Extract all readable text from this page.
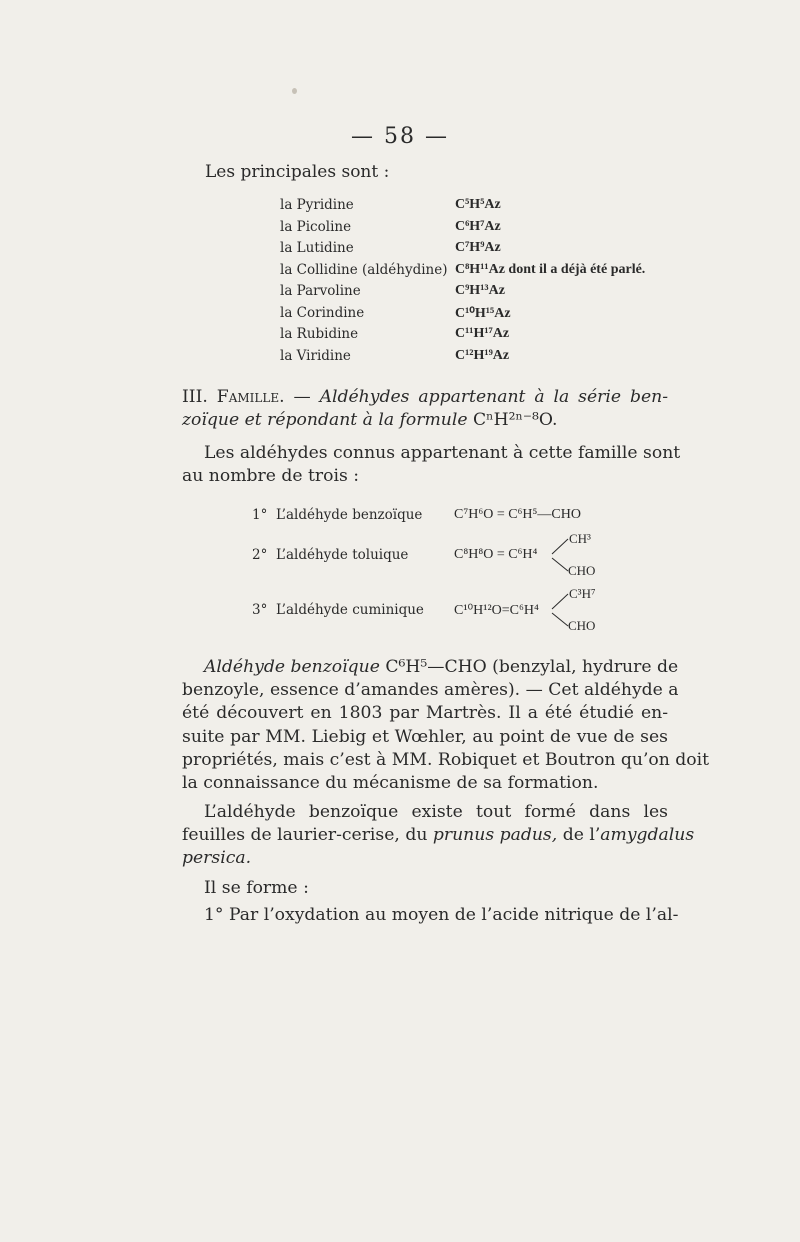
— 58 —
Les principales sont :
la Pyridine	C⁵H⁵Az
la Picoline	C⁶H⁷Az
la Lutidine	C⁷H⁹Az
la Collidine (aldéhydine) C⁸H¹¹Az dont il a déjà été parlé.
la Parvoline	C⁹H¹³Az
la Corindine	C¹⁰H¹⁵Az
la Rubidine	C¹¹H¹⁷Az
la Viridine	C¹²H¹⁹Az
III. Famille. — Aldéhydes appartenant à la série ben-
zoïque et répondant à la formule CⁿH²ⁿ⁻⁸O.
Les aldéhydes connus appartenant à cette famille sont
au nombre de trois :
1° L’aldéhyde benzoïque C⁷H⁶O = C⁶H⁵—CHO
2° L’aldéhyde toluique	C⁸H⁸O = C⁶H⁴
CH³
CHO
3° L’aldéhyde cuminique C¹⁰H¹²O=C⁶H⁴
C³H⁷
CHO
Aldéhyde benzoïque C⁶H⁵—CHO (benzylal, hydrure de
benzoyle, essence d’amandes amères). — Cet aldéhyde a
été découvert en 1803 par Martrès. Il a été étudié en-
suite par MM. Liebig et Wœhler, au point de vue de ses
propriétés, mais c’est à MM. Robiquet et Boutron qu’on doit
la connaissance du mécanisme de sa formation.
L’aldéhyde benzoïque existe tout formé dans les
feuilles de laurier-cerise, du prunus padus, de l’amygdalus
persica.
Il se forme :
1° Par l’oxydation au moyen de l’acide nitrique de l’al-
